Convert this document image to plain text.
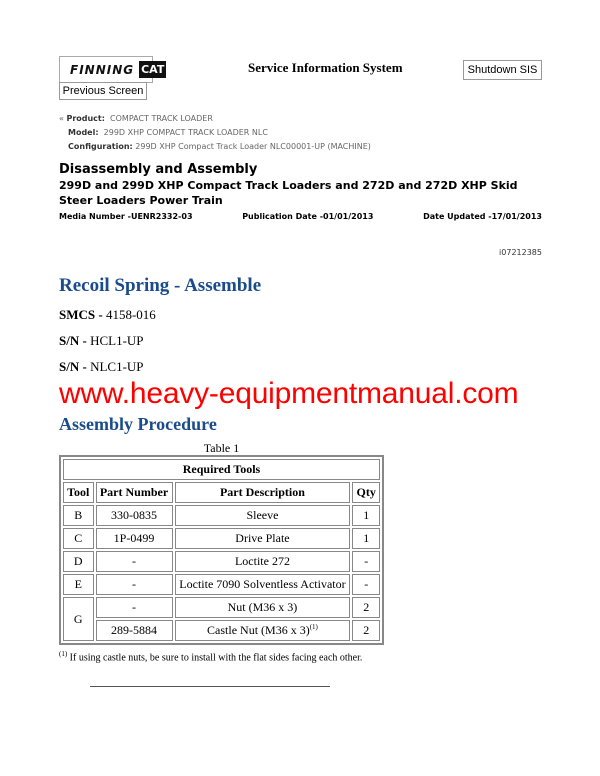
FINNING CAT	Service Information System	Shutdown SIS
Previous Screen
« Product: COMPACT TRACK LOADER
Model: 299D XHP COMPACT TRACK LOADER NLC
Configuration: 299D XHP Compact Track Loader NLC00001-UP (MACHINE)
Disassembly and Assembly
299D and 299D XHP Compact Track Loaders and 272D and 272D XHP Skid Steer Loaders Power Train
Media Number -UENR2332-03	Publication Date -01/01/2013	Date Updated -17/01/2013
i07212385
Recoil Spring - Assemble
SMCS - 4158-016
S/N - HCL1-UP
S/N - NLC1-UP
www.heavy-equipmentmanual.com
Assembly Procedure
Table 1
Required Tools			
Tool	Part Number	Part Description	Qty
B	330-0835	Sleeve	1
C	1P-0499	Drive Plate	1
D	-	Loctite 272	-
E	-	Loctite 7090 Solventless Activator	-
G	-	Nut (M36 x 3)	2
	289-5884	Castle Nut (M36 x 3)$^{(1)}$	2
$^{(1)}$ If using castle nuts, be sure to install with the flat sides facing each other.
